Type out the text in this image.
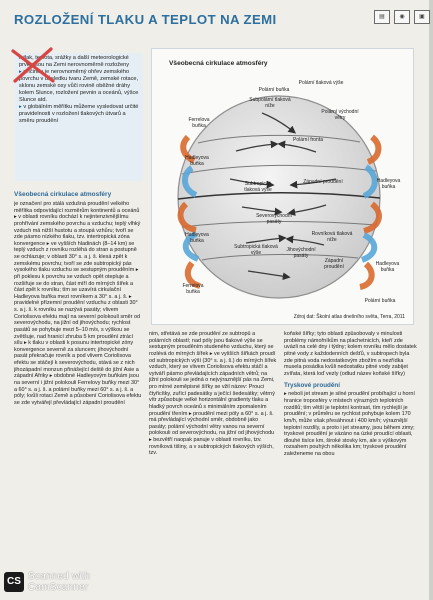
ROZLOŽENÍ TLAKU A TEPLOT NA ZEMI	▤	◉	▣

▸ tlak, teplota, srážky a další meteorologické prvky jsou na Zemi nerovnoměrně rozloženy

▸ příčinou je nerovnoměrný ohřev zemského povrchu v důsledku tvaru Země, zemské rotace, sklonu zemské osy vůči rovině oběžné dráhy kolem Slunce, rozložení pevnin a oceánů, výšce Slunce atd.

▸ v globálním měřítku můžeme vysledovat určité pravidelnosti v rozložení tlakových útvarů a směru proudění

Všeobecná cirkulace atmosféry

je označení pro stálá vzdušná proudění velkého měřítka odpovídající rozměrům kontinentů a oceánů ▸ v oblasti rovníku dochází k nejintenzivnějšímu prohřívání zemského povrchu a vzduchu; teplý vlhký vzduch má nižší hustotu a stoupá vzhůru; tvoří se zde pásmo nízkého tlaku, tzv. intertropická zóna konvergence ▸ ve vyšších hladinách (8–14 km) se teplý vzduch z rovníku rozléhá do stran a postupně se ochlazuje; v oblasti 30° s. a j. š. klesá zpět k zemskému povrchu; tvoří se zde subtropický pás vysokého tlaku vzduchu se sestupným prouděním ▸ při poklesu k povrchu se vzduch opět otepluje a rozšiřuje se do stran, část míří do mírných šířek a část zpět k rovníku; tím se uzavírá cirkulační Hadleyova buňka mezi rovníkem a 30° s. a j. š. ▸ pravidelné přízemní proudění vzduchu z oblasti 30° s. a j. š. k rovníku se nazývá pasáty; vlivem Coriolisova efektu mají na severní polokouli směr od severovýchodu, na jižní od jihovýchodu; rychlost pasátů se pohybuje mezi 5–10 m/s, s výškou se zvětšuje, nad hranicí zhruba 5 km proudění ztrácí sílu ▸ k tlaku v oblasti k posunu intertropické zóny konvergence severně za sluncem; jihovýchodní pasát překračuje rovník a pod vlivem Coriolisova efektu se stáčejí k severovýchodu, stává se z nich jihozápadní monzun přinášející deště do jižní Asie a západní Afriky ▸ obdobné Hadleyovým buňkám jsou na severní i jižní polokouli Ferrelovy buňky mezi 30° a 60° s. a j. š. a polární buňky mezi 60° s. a j. š. a póly; kvůli rotaci Země a působení Coriolisova efektu se zde vytvářejí převládající západní proudění

Všeobecná cirkulace atmosféry
Polární buňka
Polární tlaková výše
Subpolární tlaková níže
Polární východní větry
Ferrelova buňka
Polární fronta
Západní proudění
Hadleyova buňka
Hadleyova buňka
Subtropická tlaková výše
Severovýchodní pasáty
Rovníková tlaková níže
Jihovýchodní pasáty
Hadleyova buňka
Hadleyova buňka
Subtropická tlaková výše
Západní proudění
Ferrelova buňka
Polární buňka
Zdroj dat: Školní atlas dnešního světa, Terra, 2011

nim, střetává se zde proudění ze subtropů a polárních oblastí; nad póly jsou tlakové výše se sestupným prouděním studeného vzduchu, který se rozlévá do mírných šířek ▸ ve vyšších šířkách proudí od subtropických výší (30° s. a j. š.) do mírných šířek vzduch, který se vlivem Coriolisova efektu stáčí a vytváří pásmo převládajících západních větrů; na jižní polokouli se jedná o nejvýraznější pás na Zemi, pro mírné zeměpisné šířky se vžil název: Prouci čtyřicítky, zuřící padesátky a ječící šedesátky; větrný vítr způsobuje velké horizontální gradienty tlaku a hladký povrch oceánů s minimálním zpomalením proudění třením ▸ proudění mezi póly a 60° s. a j. š. má převládající východní směr, obdobně jako pasáty; polární východní větry vanou na severní polokouli od severovýchodu, na jižní od jihovýchodu ▸ bezvětří naopak panuje v oblasti rovníku, tzv. rovníková tišiny, a v subtropických tlakových výších, tzv.

koňské šířky; tyto oblasti způsobovaly v minulosti problémy námořníkům na plachetnicích, kteří zde uvázli na celé dny i týdny; kolem rovníku mělo dostatek pitné vody z každodenních dešťů, v subtropech byla zde pitná voda nedostatkovým zbožím a nezřídka musela posádka kvůli nedostatku pitné vody zabíjet zvířata, která loď vezly (odtud název koňské šířky)

Tryskové proudění

▸ neboli jet stream je silné proudění probíhající u horní hranice troposféry v místech výrazných teplotních rozdílů; tím větší je teplotní kontrast, tím rychlejší je proudění; v průměru se rychlost pohybuje kolem 170 km/h, může však přesáhnout i 400 km/h; výraznější teplotní rozdíly, a proto i jet streamy, jsou během zimy; tryskové proudění je vázáno na úzké proudící oblasti, dlouhé tisíce km, široké stovky km, ale s výškovým rozsahem pouhých několika km; tryskové proudění zaleženeme na obou

CS Scanned with
CamScanner
